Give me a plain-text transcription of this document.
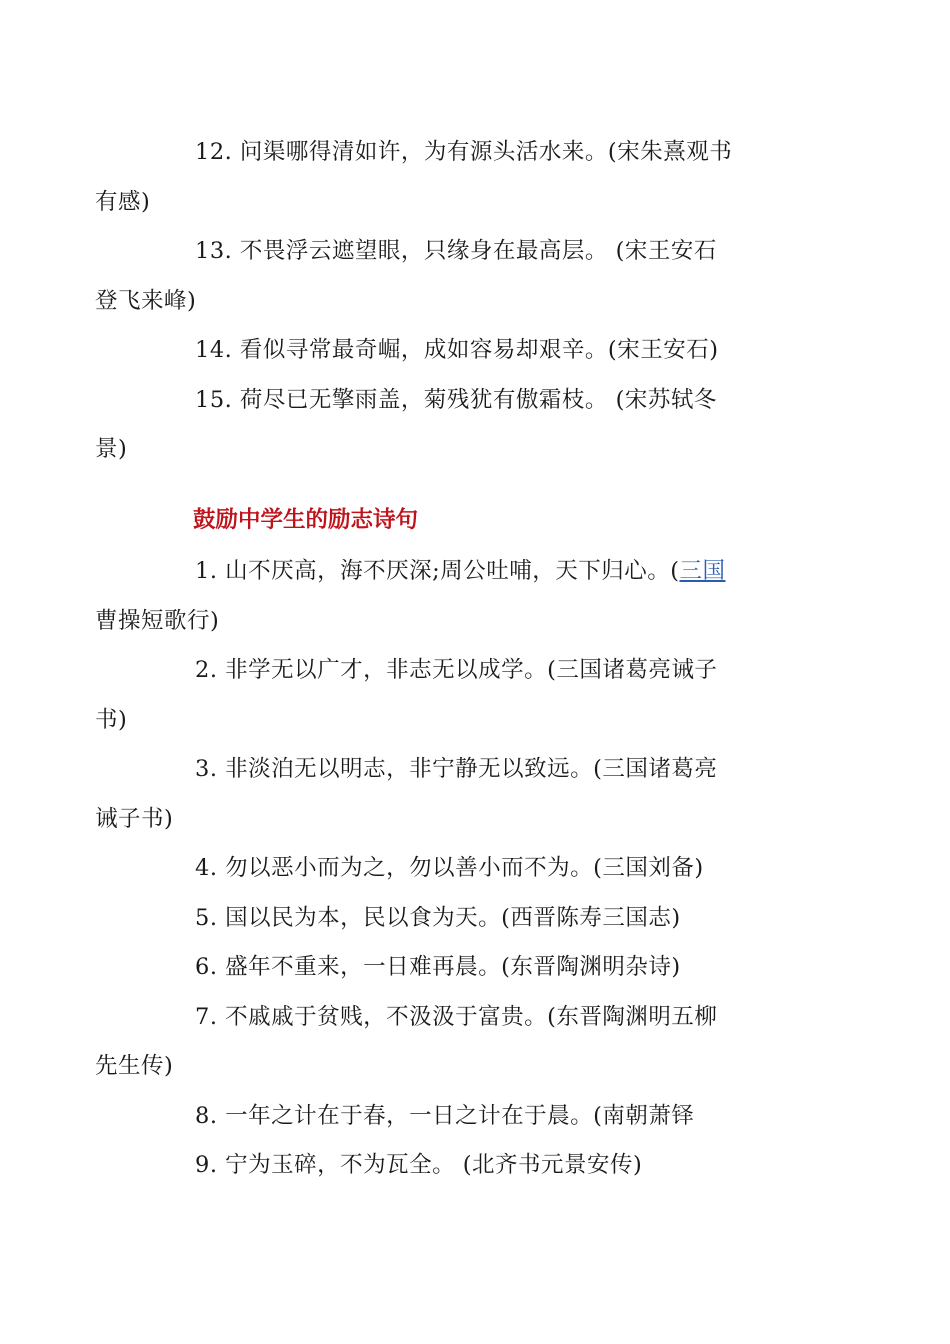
12. 问渠哪得清如许，为有源头活水来。(宋朱熹观书
有感)

13. 不畏浮云遮望眼，只缘身在最高层。 (宋王安石
登飞来峰)

14. 看似寻常最奇崛，成如容易却艰辛。(宋王安石)

15. 荷尽已无擎雨盖，菊残犹有傲霜枝。 (宋苏轼冬
景)

鼓励中学生的励志诗句

1. 山不厌高，海不厌深;周公吐哺，天下归心。(三国
曹操短歌行)

2. 非学无以广才，非志无以成学。(三国诸葛亮诫子
书)

3. 非淡泊无以明志，非宁静无以致远。(三国诸葛亮
诫子书)

4. 勿以恶小而为之，勿以善小而不为。(三国刘备)

5. 国以民为本，民以食为天。(西晋陈寿三国志)

6. 盛年不重来，一日难再晨。(东晋陶渊明杂诗)

7. 不戚戚于贫贱，不汲汲于富贵。(东晋陶渊明五柳
先生传)

8. 一年之计在于春，一日之计在于晨。(南朝萧铎

9. 宁为玉碎，不为瓦全。 (北齐书元景安传)
